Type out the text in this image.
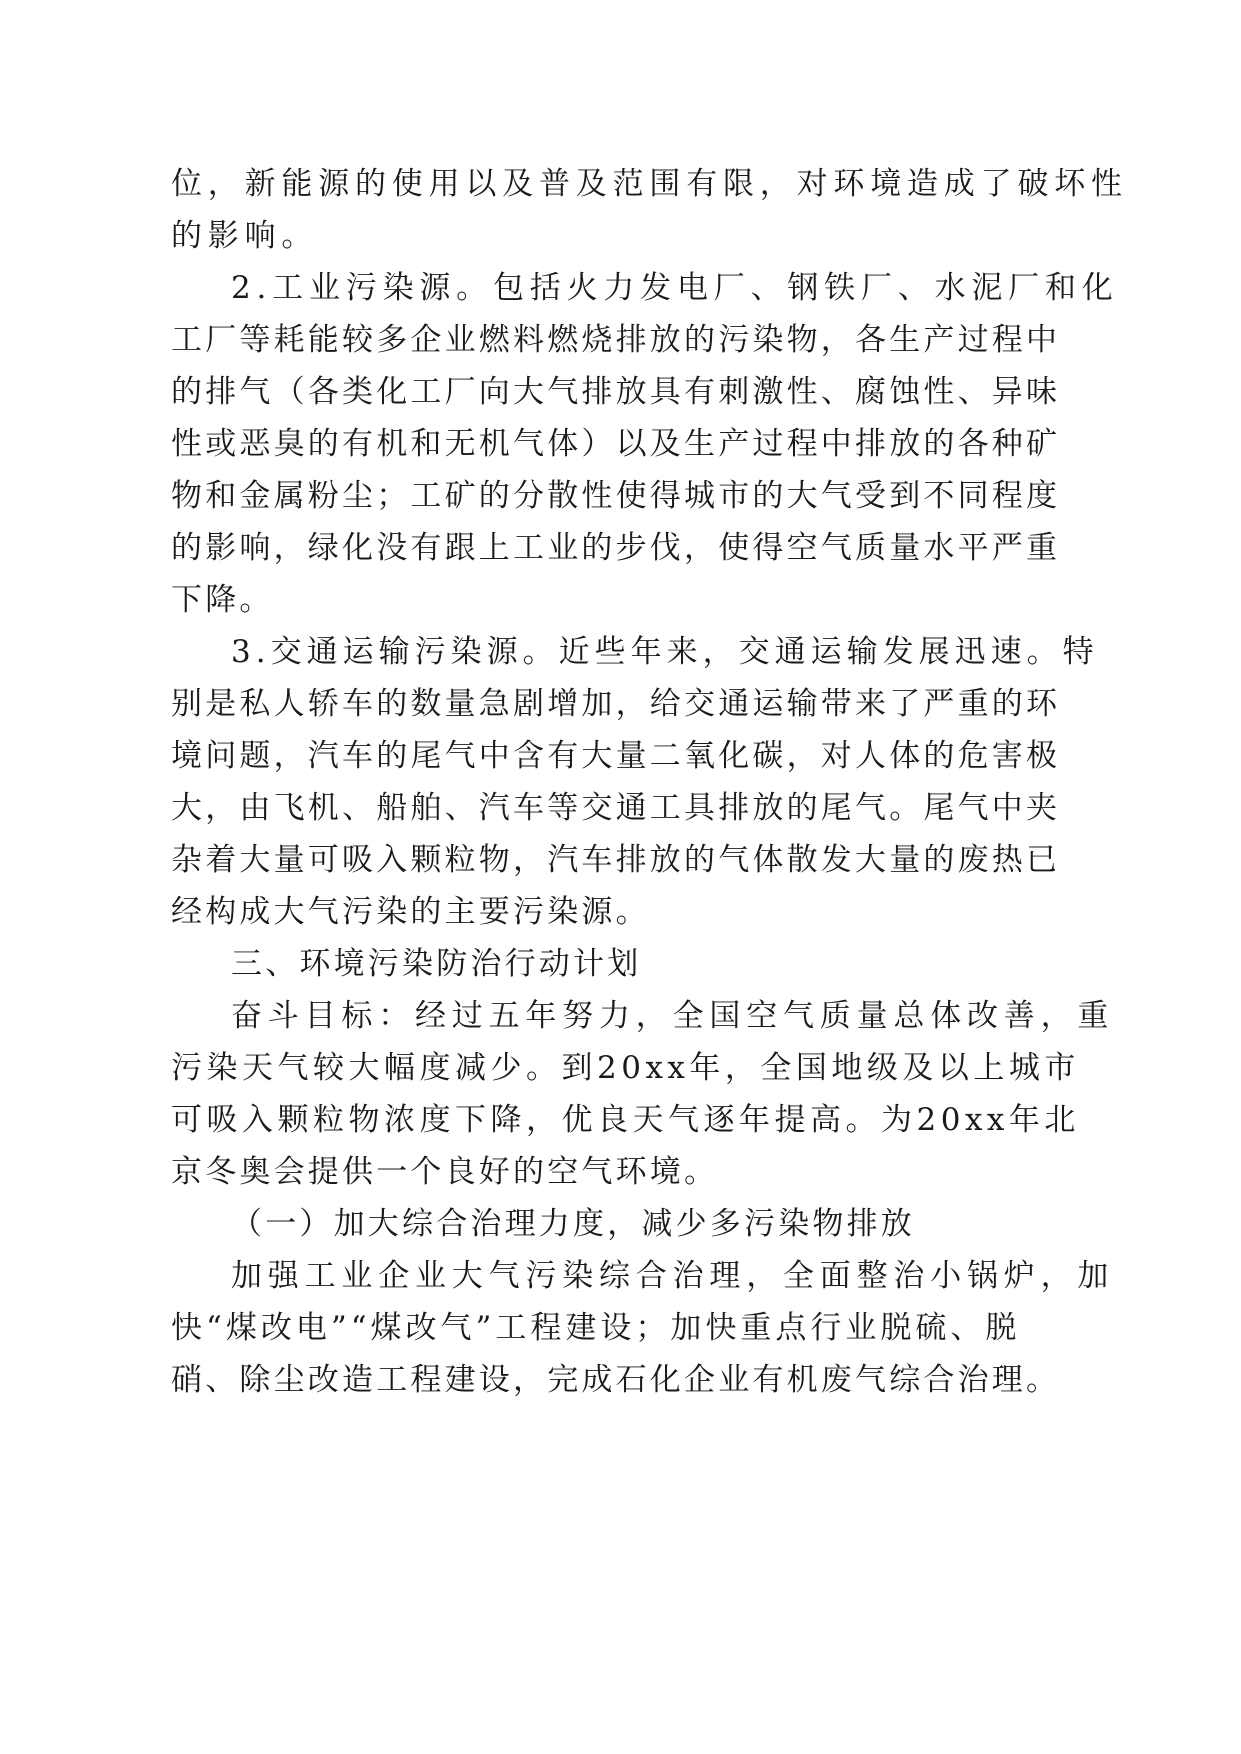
位，新能源的使用以及普及范围有限，对环境造成了破坏性

的影响。

2.工业污染源。包括火力发电厂、钢铁厂、水泥厂和化

工厂等耗能较多企业燃料燃烧排放的污染物，各生产过程中

的排气（各类化工厂向大气排放具有刺激性、腐蚀性、异味

性或恶臭的有机和无机气体）以及生产过程中排放的各种矿

物和金属粉尘；工矿的分散性使得城市的大气受到不同程度

的影响，绿化没有跟上工业的步伐，使得空气质量水平严重

下降。

3.交通运输污染源。近些年来，交通运输发展迅速。特

别是私人轿车的数量急剧增加，给交通运输带来了严重的环

境问题，汽车的尾气中含有大量二氧化碳，对人体的危害极

大，由飞机、船舶、汽车等交通工具排放的尾气。尾气中夹

杂着大量可吸入颗粒物，汽车排放的气体散发大量的废热已

经构成大气污染的主要污染源。

三、环境污染防治行动计划

奋斗目标：经过五年努力，全国空气质量总体改善，重

污染天气较大幅度减少。到20xx年，全国地级及以上城市

可吸入颗粒物浓度下降，优良天气逐年提高。为20xx年北

京冬奥会提供一个良好的空气环境。

（一）加大综合治理力度，减少多污染物排放

加强工业企业大气污染综合治理，全面整治小锅炉，加

快“煤改电”“煤改气”工程建设；加快重点行业脱硫、脱

硝、除尘改造工程建设，完成石化企业有机废气综合治理。
